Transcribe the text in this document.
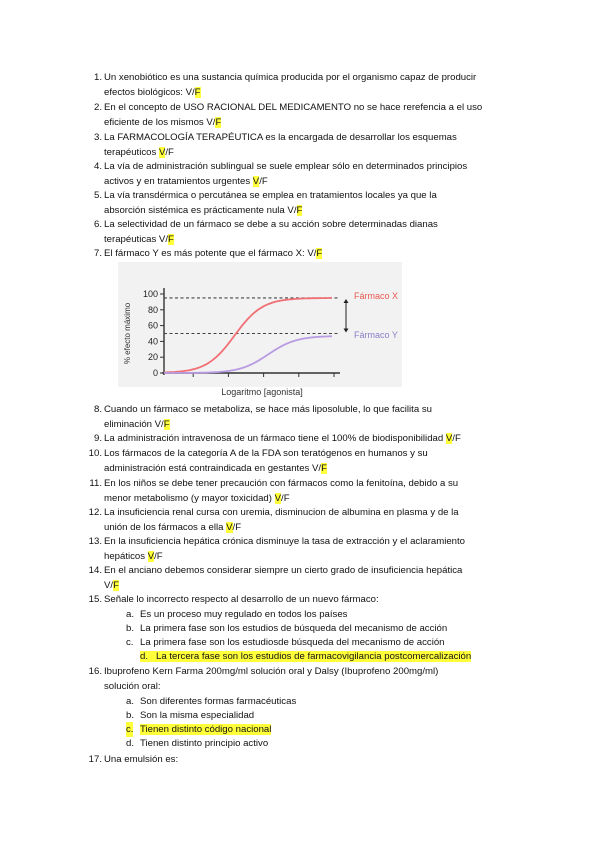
1. Un xenobiótico es una sustancia química producida por el organismo capaz de producir
efectos biológicos: V/F
2. En el concepto de USO RACIONAL DEL MEDICAMENTO no se hace rerefencia a el uso
eficiente de los mismos V/F
3. La FARMACOLOGÍA TERAPÉUTICA es la encargada de desarrollar los esquemas
terapéuticos V/F
4. La vía de administración sublingual se suele emplear sólo en determinados principios
activos y en tratamientos urgentes V/F
5. La vía transdérmica o percutánea se emplea en tratamientos locales ya que la
absorción sistémica es prácticamente nula V/F
6. La selectividad de un fármaco se debe a su acción sobre determinadas dianas
terapéuticas V/F
7. El fármaco Y es más potente que el fármaco X: V/F
100
80
60
40
20
0
% efecto máximo
Logaritmo [agonista]
Fármaco X
Fármaco Y
8. Cuando un fármaco se metaboliza, se hace más liposoluble, lo que facilita su
eliminación V/F
9. La administración intravenosa de un fármaco tiene el 100% de biodisponibilidad V/F
10. Los fármacos de la categoría A de la FDA son teratógenos en humanos y su
administración está contraindicada en gestantes V/F
11. En los niños se debe tener precaución con fármacos como la fenitoína, debido a su
menor metabolismo (y mayor toxicidad) V/F
12. La insuficiencia renal cursa con uremia, disminucion de albumina en plasma y de la
unión de los fármacos a ella V/F
13. En la insuficiencia hepática crónica disminuye la tasa de extracción y el aclaramiento
hepáticos V/F
14. En el anciano debemos considerar siempre un cierto grado de insuficiencia hepática
V/F
15. Señale lo incorrecto respecto al desarrollo de un nuevo fármaco:
a. Es un proceso muy regulado en todos los países
b. La primera fase son los estudios de búsqueda del mecanismo de acción
c. La primera fase son los estudiosde búsqueda del mecanismo de acción
d. La tercera fase son los estudios de farmacovigilancia postcomercalización
16. Ibuprofeno Kern Farma 200mg/ml solución oral y Dalsy (Ibuprofeno 200mg/ml)
solución oral:
a. Son diferentes formas farmacéuticas
b. Son la misma especialidad
c. Tienen distinto código nacional
d. Tienen distinto principio activo
17. Una emulsión es:
